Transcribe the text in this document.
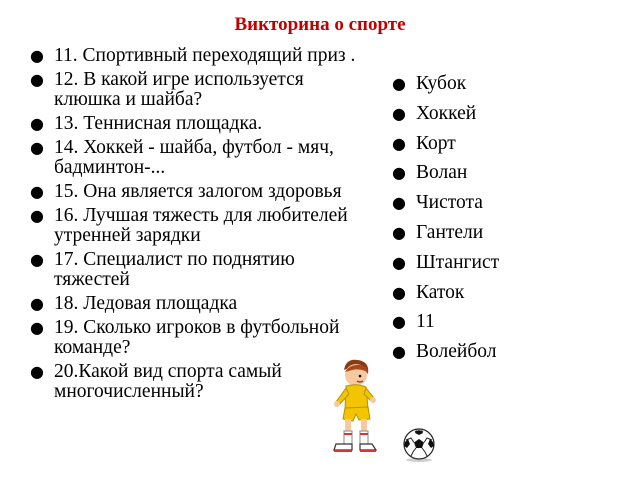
Викторина о спорте
● 11. Спортивный переходящий приз .
● 12. В какой игре используется клюшка и шайба?
● 13. Теннисная площадка.
● 14. Хоккей - шайба, футбол - мяч, бадминтон-...
● 15. Она является залогом здоровья
● 16. Лучшая тяжесть для любителей утренней зарядки
● 17. Специалист по поднятию тяжестей
● 18. Ледовая площадка
● 19. Сколько игроков в футбольной команде?
● 20.Какой вид спорта самый многочисленный?
● Кубок
● Хоккей
● Корт
● Волан
● Чистота
● Гантели
● Штангист
● Каток
● 11
● Волейбол
